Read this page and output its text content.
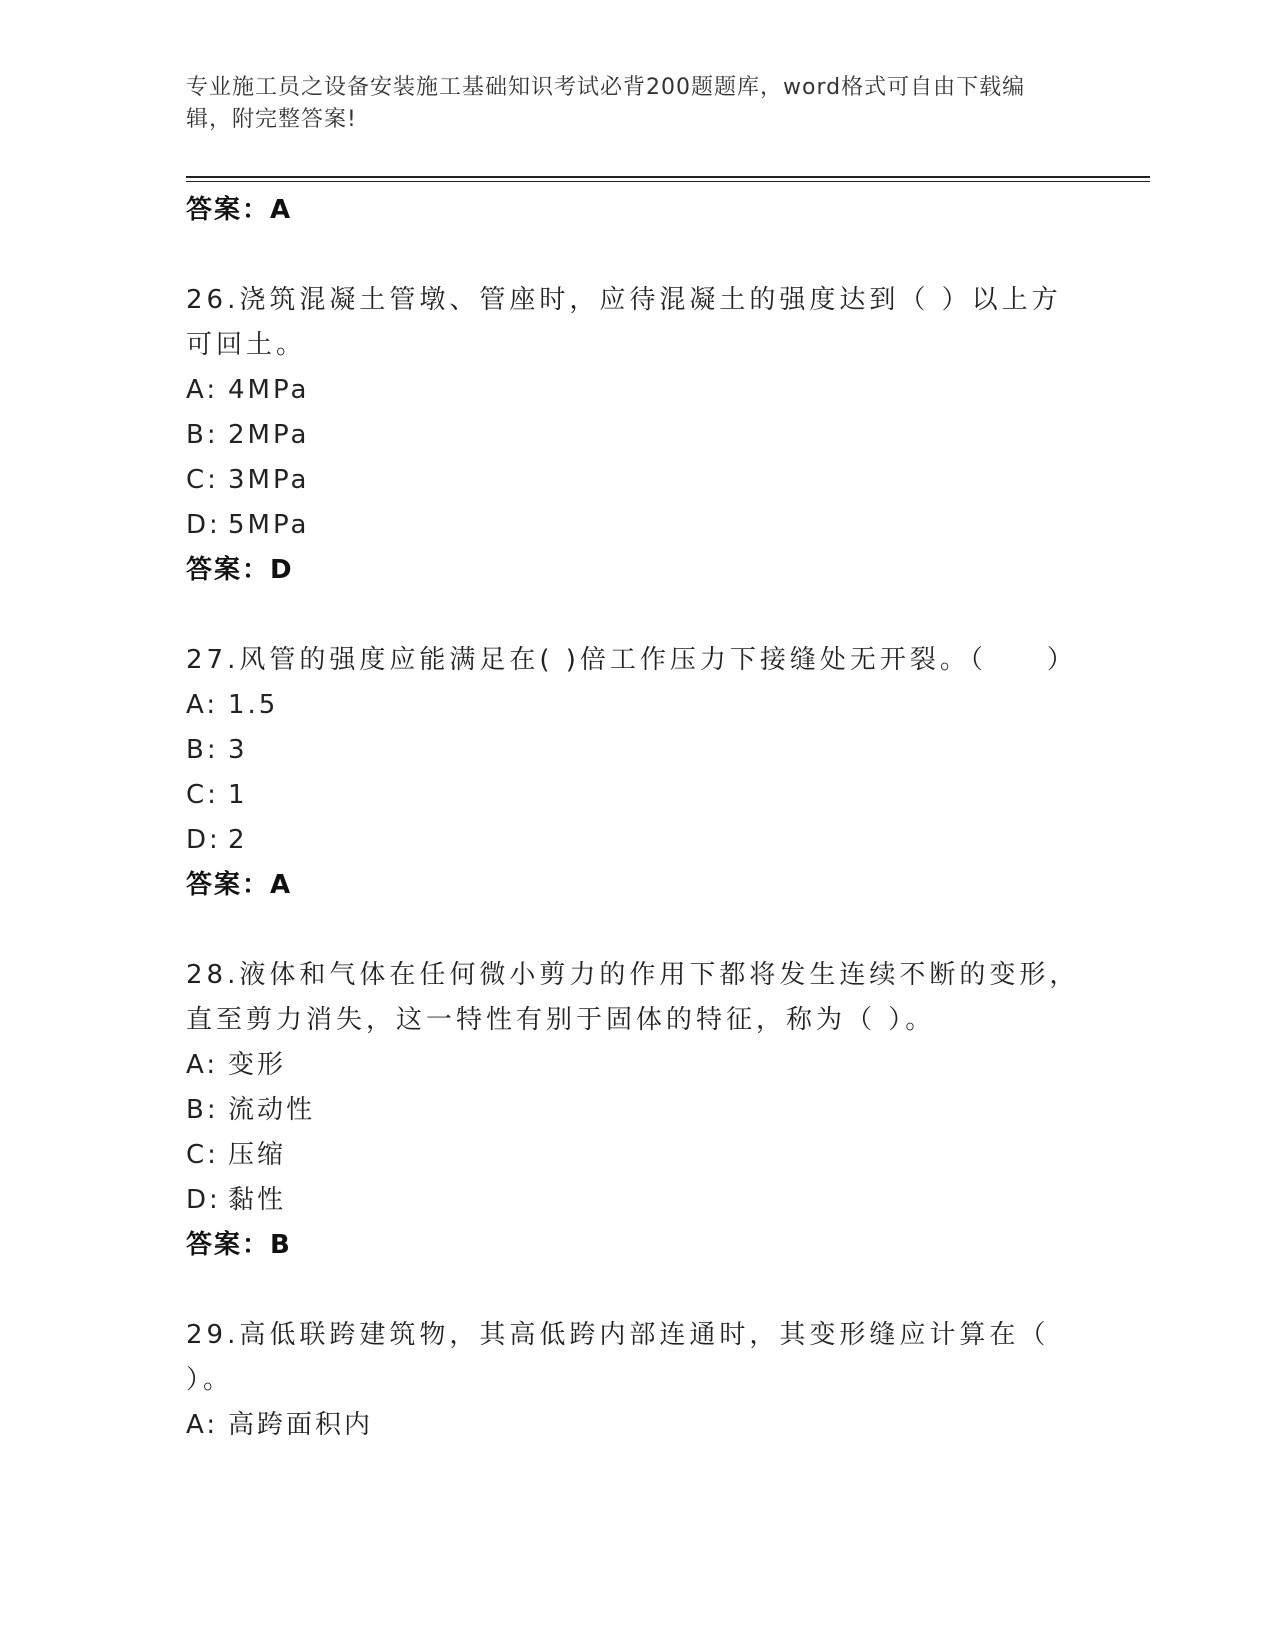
专业施工员之设备安装施工基础知识考试必背200题题库，word格式可自由下载编辑，附完整答案!
答案：A
26.浇筑混凝土管墩、管座时，应待混凝土的强度达到（ ）以上方可回土。
A: 4MPa
B: 2MPa
C: 3MPa
D: 5MPa
答案：D
27.风管的强度应能满足在( )倍工作压力下接缝处无开裂。（　　）
A: 1.5
B: 3
C: 1
D: 2
答案：A
28.液体和气体在任何微小剪力的作用下都将发生连续不断的变形，直至剪力消失，这一特性有别于固体的特征，称为（ ）。
A: 变形
B: 流动性
C: 压缩
D: 黏性
答案：B
29.高低联跨建筑物，其高低跨内部连通时，其变形缝应计算在（ ）。
A: 高跨面积内
